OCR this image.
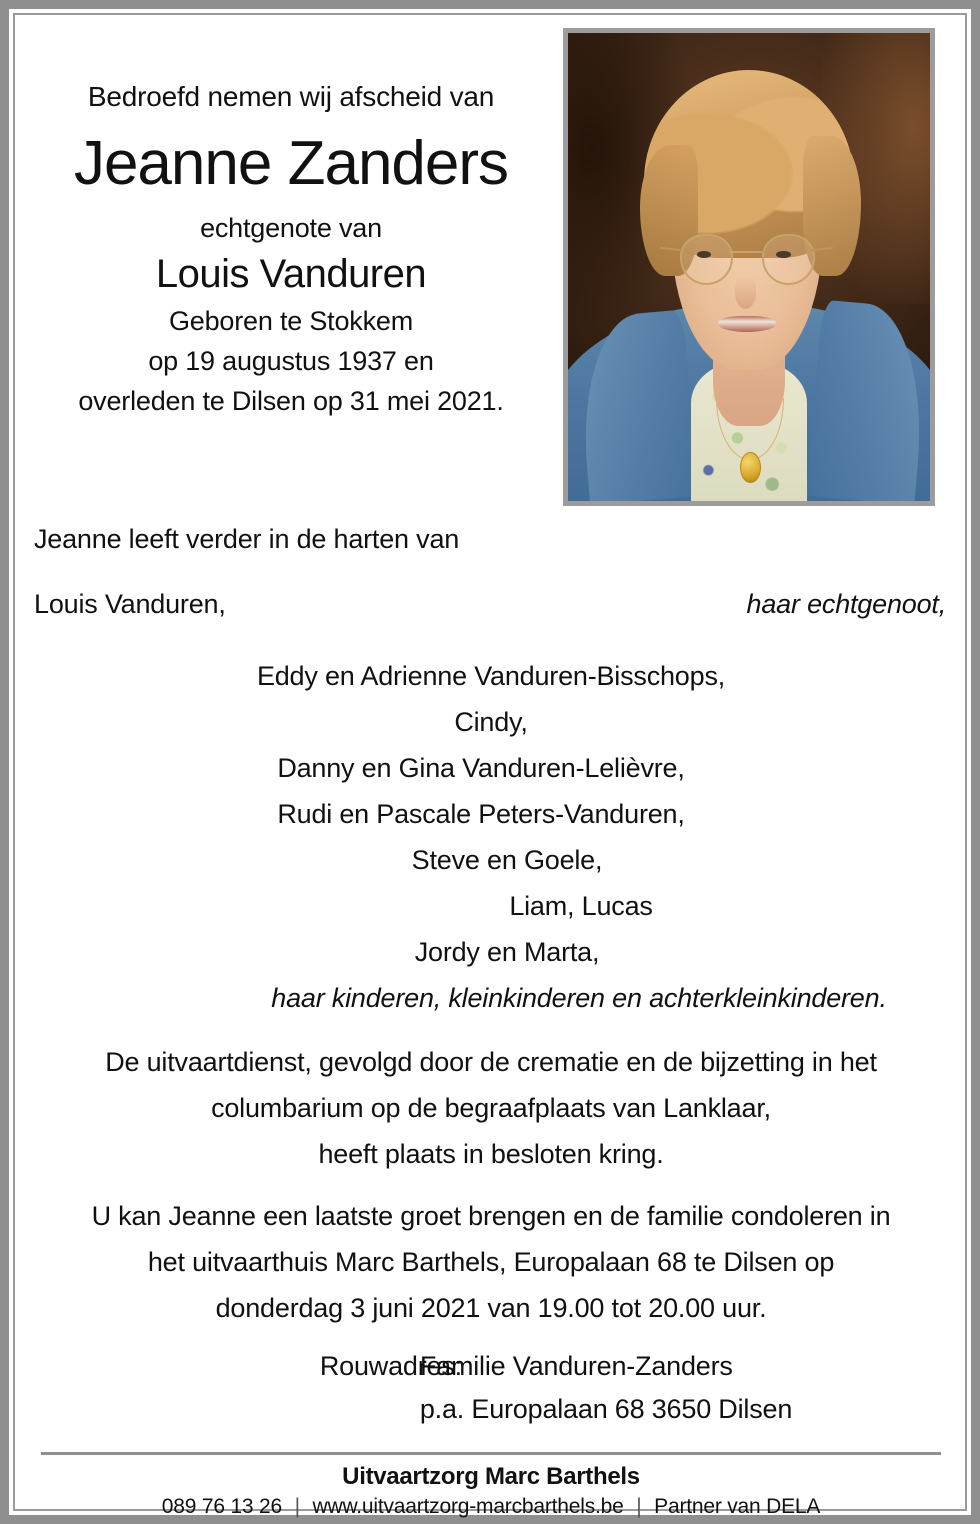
Bedroefd nemen wij afscheid van
Jeanne Zanders
echtgenote van
Louis Vanduren
Geboren te Stokkem
op 19 augustus 1937 en
overleden te Dilsen op 31 mei 2021.
Jeanne leeft verder in de harten van
Louis Vanduren,	haar echtgenoot,
Eddy en Adrienne Vanduren-Bisschops,
Cindy,
Danny en Gina Vanduren-Lelièvre,
Rudi en Pascale Peters-Vanduren,
Steve en Goele,
Liam, Lucas
Jordy en Marta,
haar kinderen, kleinkinderen en achterkleinkinderen.
De uitvaartdienst, gevolgd door de crematie en de bijzetting in het
columbarium op de begraafplaats van Lanklaar,
heeft plaats in besloten kring.
U kan Jeanne een laatste groet brengen en de familie condoleren in
het uitvaarthuis Marc Barthels, Europalaan 68 te Dilsen op
donderdag 3 juni 2021 van 19.00 tot 20.00 uur.
Rouwadres:
Familie Vanduren-Zanders
p.a. Europalaan 68 3650 Dilsen
Uitvaartzorg Marc Barthels
089 76 13 26 | www.uitvaartzorg-marcbarthels.be | Partner van DELA
